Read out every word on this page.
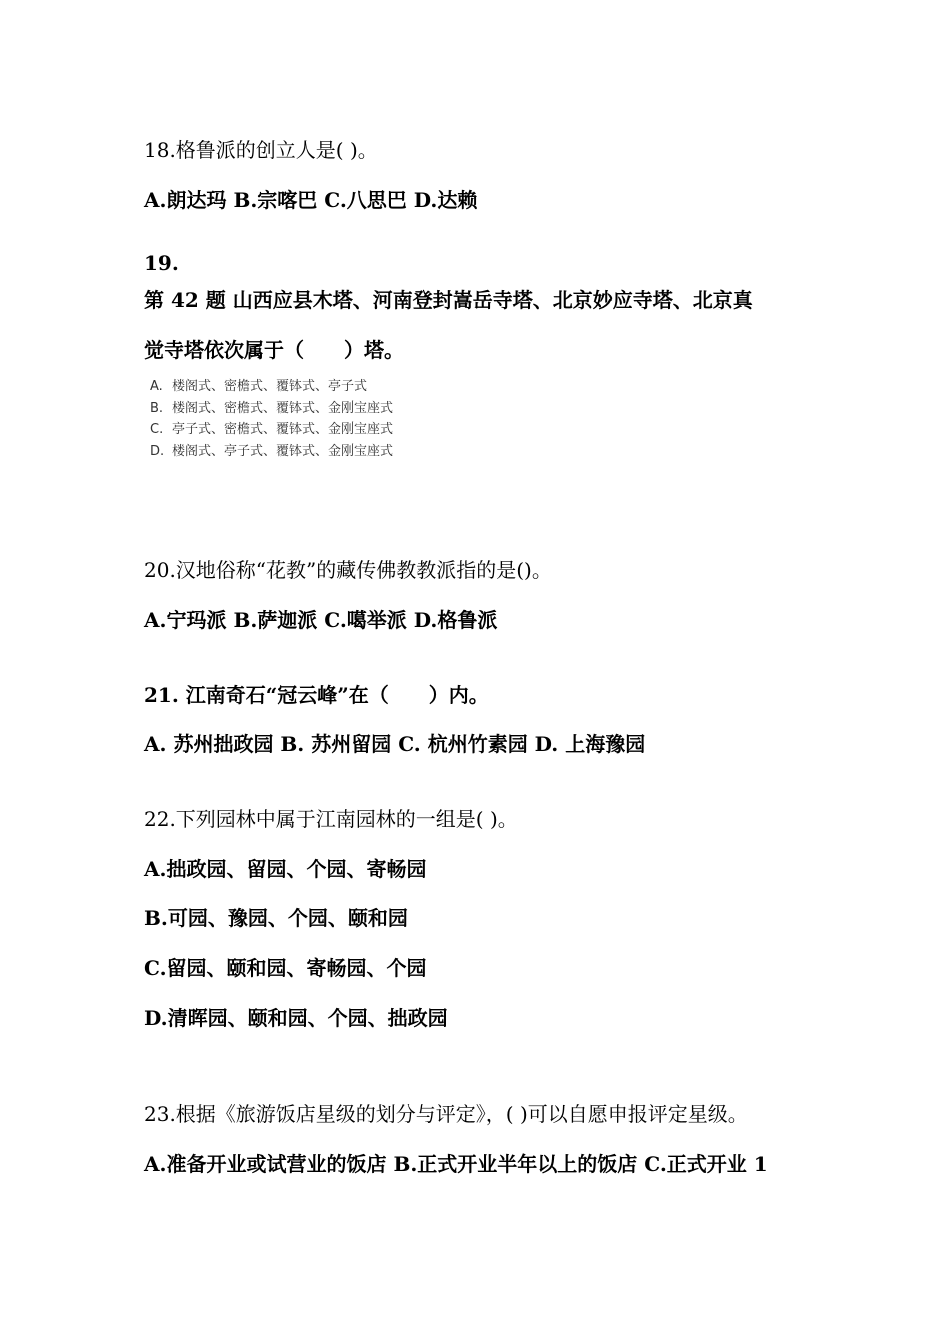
18.格鲁派的创立人是( )。
A.朗达玛 B.宗喀巴 C.八思巴 D.达赖
19.
第 42 题 山西应县木塔、河南登封嵩岳寺塔、北京妙应寺塔、北京真
觉寺塔依次属于（　　）塔。
A. 楼阁式、密檐式、覆钵式、亭子式
B. 楼阁式、密檐式、覆钵式、金刚宝座式
C. 亭子式、密檐式、覆钵式、金刚宝座式
D. 楼阁式、亭子式、覆钵式、金刚宝座式
20.汉地俗称“花教”的藏传佛教教派指的是()。
A.宁玛派 B.萨迦派 C.噶举派 D.格鲁派
21. 江南奇石“冠云峰”在（　　）内。
A. 苏州拙政园 B. 苏州留园 C. 杭州竹素园 D. 上海豫园
22.下列园林中属于江南园林的一组是( )。
A.拙政园、留园、个园、寄畅园
B.可园、豫园、个园、颐和园
C.留园、颐和园、寄畅园、个园
D.清晖园、颐和园、个园、拙政园
23.根据《旅游饭店星级的划分与评定》，( )可以自愿申报评定星级。
A.准备开业或试营业的饭店 B.正式开业半年以上的饭店 C.正式开业 1
